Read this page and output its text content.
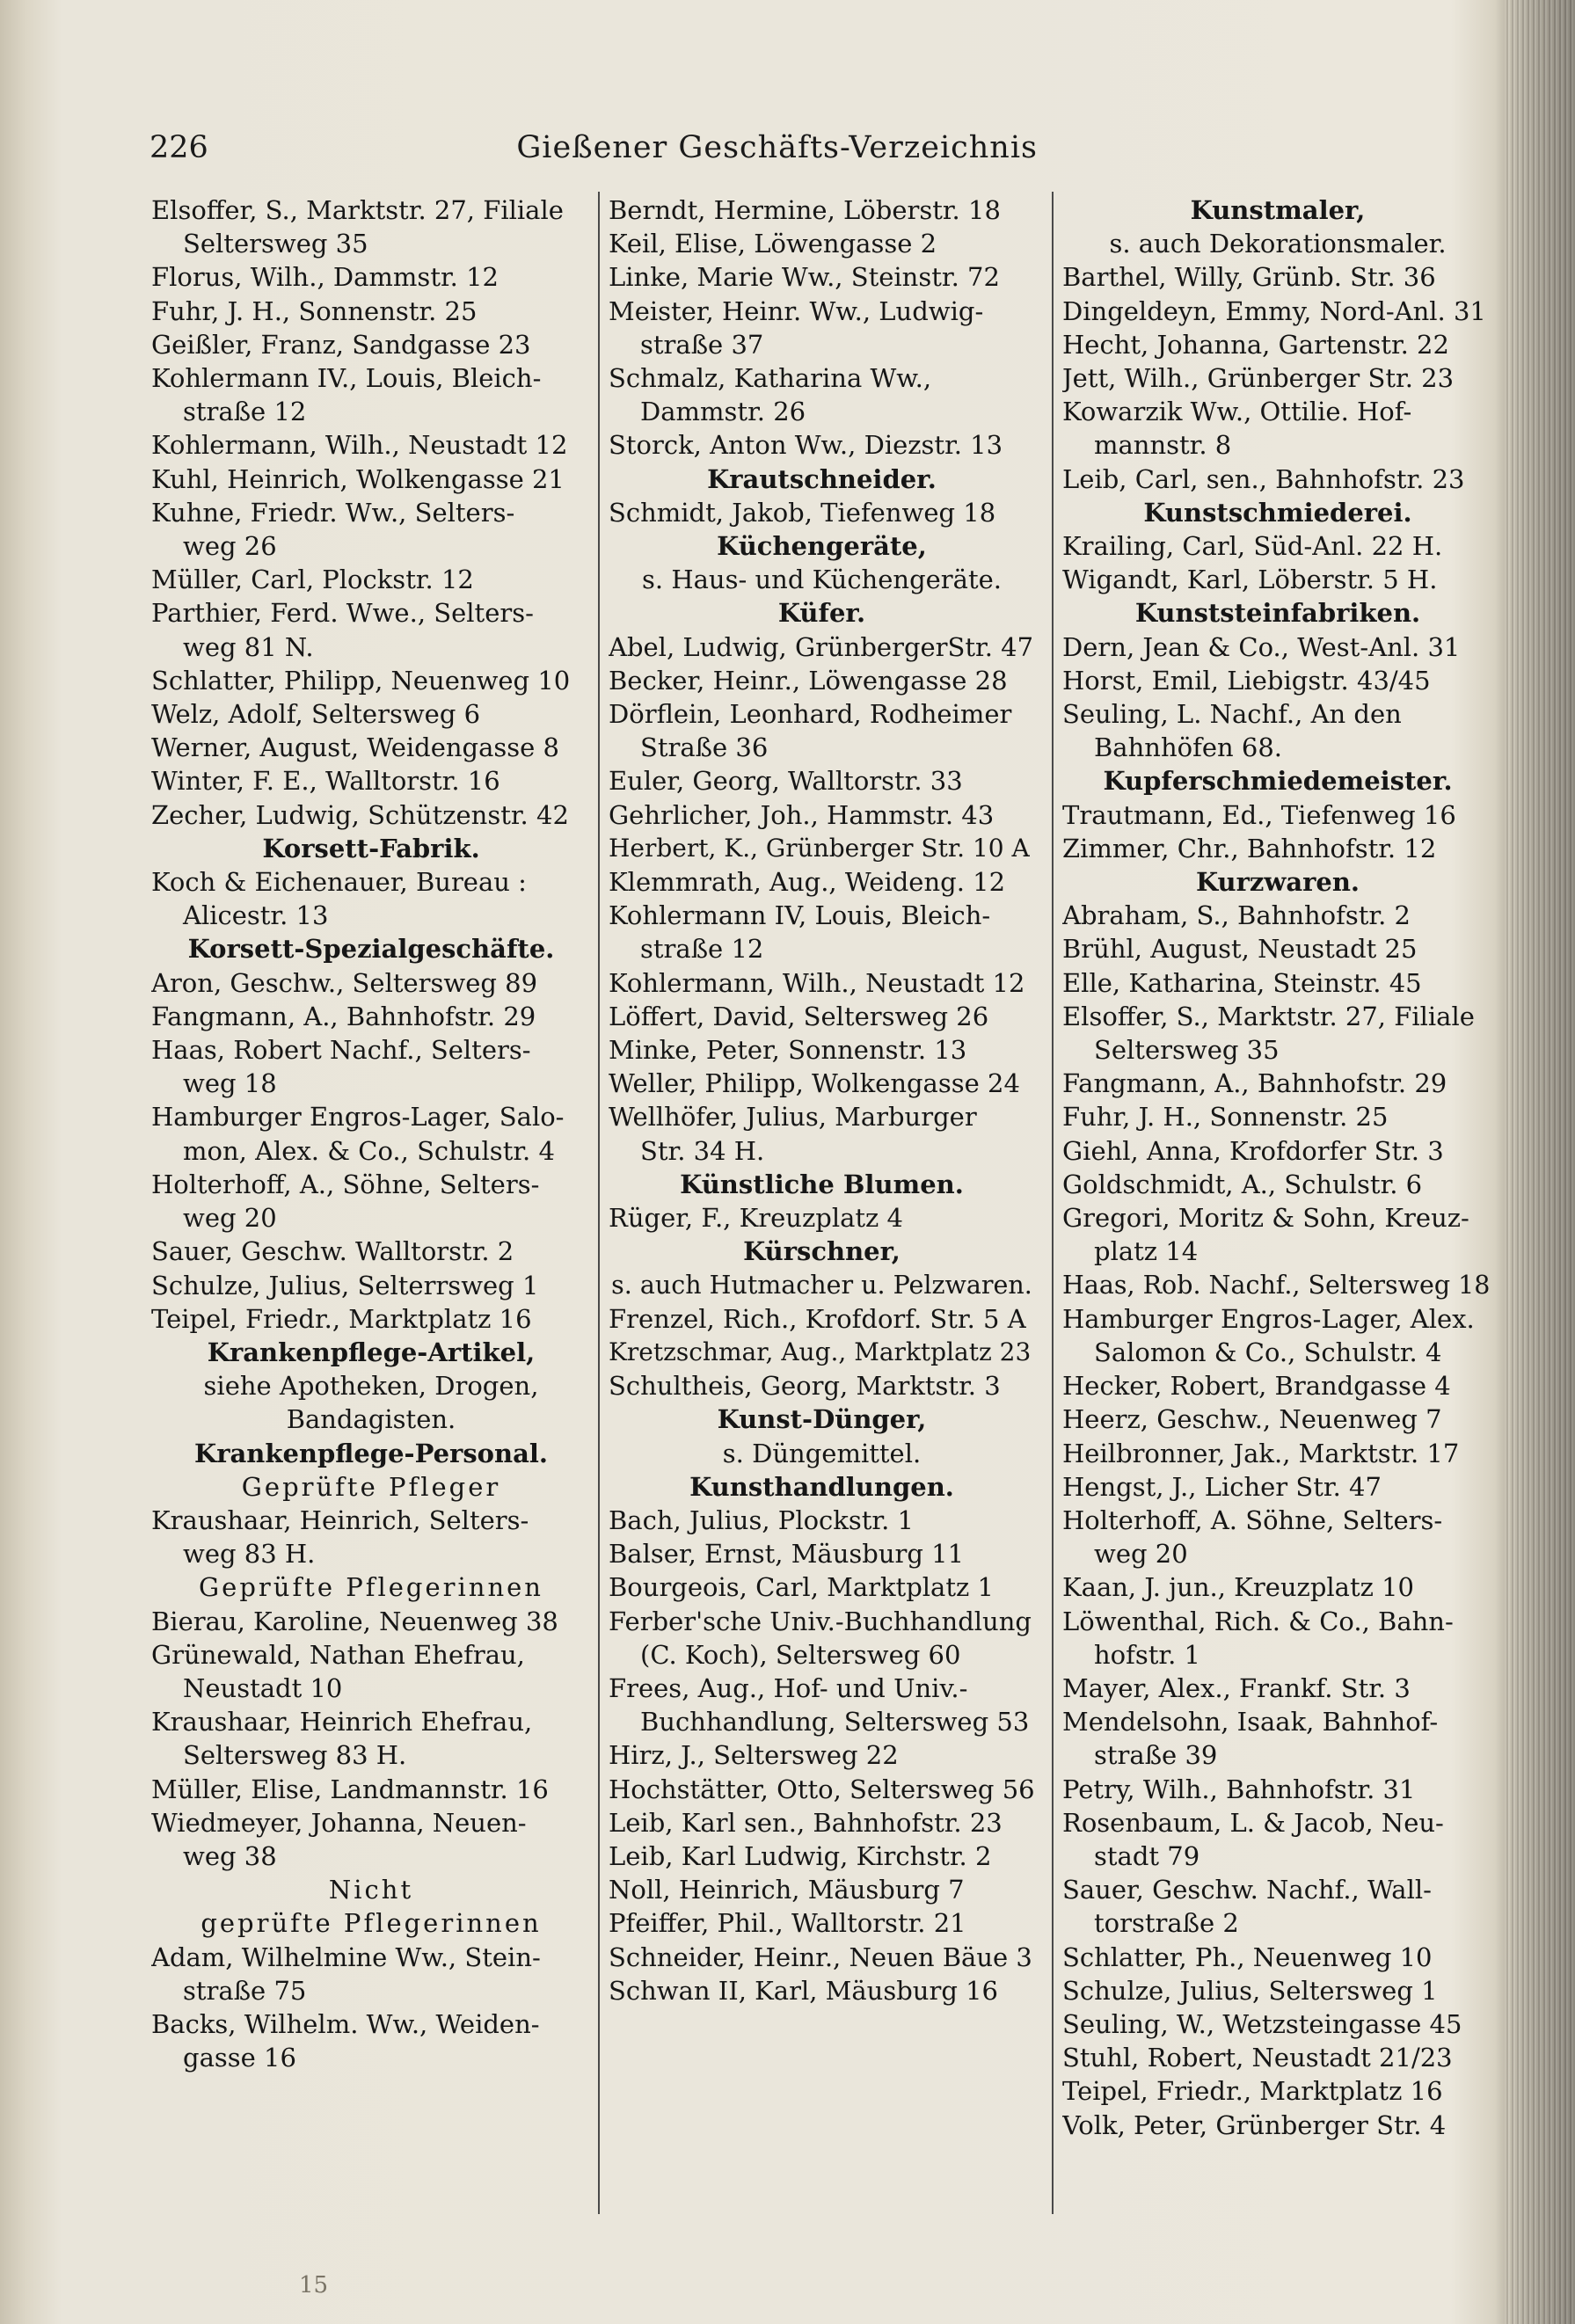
226	Gießener Geschäfts-Verzeichnis
Elsoffer, S., Marktstr. 27, Filiale
Seltersweg 35
Florus, Wilh., Dammstr. 12
Fuhr, J. H., Sonnenstr. 25
Geißler, Franz, Sandgasse 23
Kohlermann IV., Louis, Bleich-
straße 12
Kohlermann, Wilh., Neustadt 12
Kuhl, Heinrich, Wolkengasse 21
Kuhne, Friedr. Ww., Selters-
weg 26
Müller, Carl, Plockstr. 12
Parthier, Ferd. Wwe., Selters-
weg 81 N.
Schlatter, Philipp, Neuenweg 10
Welz, Adolf, Seltersweg 6
Werner, August, Weidengasse 8
Winter, F. E., Walltorstr. 16
Zecher, Ludwig, Schützenstr. 42
Korsett-Fabrik.
Koch & Eichenauer, Bureau :
Alicestr. 13
Korsett-Spezialgeschäfte.
Aron, Geschw., Seltersweg 89
Fangmann, A., Bahnhofstr. 29
Haas, Robert Nachf., Selters-
weg 18
Hamburger Engros-Lager, Salo-
mon, Alex. & Co., Schulstr. 4
Holterhoff, A., Söhne, Selters-
weg 20
Sauer, Geschw. Walltorstr. 2
Schulze, Julius, Selterrsweg 1
Teipel, Friedr., Marktplatz 16
Krankenpflege-Artikel,
siehe Apotheken, Drogen,
Bandagisten.
Krankenpflege-Personal.
Geprüfte Pfleger
Kraushaar, Heinrich, Selters-
weg 83 H.
Geprüfte Pflegerinnen
Bierau, Karoline, Neuenweg 38
Grünewald, Nathan Ehefrau,
Neustadt 10
Kraushaar, Heinrich Ehefrau,
Seltersweg 83 H.
Müller, Elise, Landmannstr. 16
Wiedmeyer, Johanna, Neuen-
weg 38
Nicht
geprüfte Pflegerinnen
Adam, Wilhelmine Ww., Stein-
straße 75
Backs, Wilhelm. Ww., Weiden-
gasse 16
Berndt, Hermine, Löberstr. 18
Keil, Elise, Löwengasse 2
Linke, Marie Ww., Steinstr. 72
Meister, Heinr. Ww., Ludwig-
straße 37
Schmalz, Katharina Ww.,
Dammstr. 26
Storck, Anton Ww., Diezstr. 13
Krautschneider.
Schmidt, Jakob, Tiefenweg 18
Küchengeräte,
s. Haus- und Küchengeräte.
Küfer.
Abel, Ludwig, GrünbergerStr. 47
Becker, Heinr., Löwengasse 28
Dörflein, Leonhard, Rodheimer
Straße 36
Euler, Georg, Walltorstr. 33
Gehrlicher, Joh., Hammstr. 43
Herbert, K., Grünberger Str. 10 A
Klemmrath, Aug., Weideng. 12
Kohlermann IV, Louis, Bleich-
straße 12
Kohlermann, Wilh., Neustadt 12
Löffert, David, Seltersweg 26
Minke, Peter, Sonnenstr. 13
Weller, Philipp, Wolkengasse 24
Wellhöfer, Julius, Marburger
Str. 34 H.
Künstliche Blumen.
Rüger, F., Kreuzplatz 4
Kürschner,
s. auch Hutmacher u. Pelzwaren.
Frenzel, Rich., Krofdorf. Str. 5 A
Kretzschmar, Aug., Marktplatz 23
Schultheis, Georg, Marktstr. 3
Kunst-Dünger,
s. Düngemittel.
Kunsthandlungen.
Bach, Julius, Plockstr. 1
Balser, Ernst, Mäusburg 11
Bourgeois, Carl, Marktplatz 1
Ferber'sche Univ.-Buchhandlung
(C. Koch), Seltersweg 60
Frees, Aug., Hof- und Univ.-
Buchhandlung, Seltersweg 53
Hirz, J., Seltersweg 22
Hochstätter, Otto, Seltersweg 56
Leib, Karl sen., Bahnhofstr. 23
Leib, Karl Ludwig, Kirchstr. 2
Noll, Heinrich, Mäusburg 7
Pfeiffer, Phil., Walltorstr. 21
Schneider, Heinr., Neuen Bäue 3
Schwan II, Karl, Mäusburg 16
Kunstmaler,
s. auch Dekorationsmaler.
Barthel, Willy, Grünb. Str. 36
Dingeldeyn, Emmy, Nord-Anl. 31
Hecht, Johanna, Gartenstr. 22
Jett, Wilh., Grünberger Str. 23
Kowarzik Ww., Ottilie. Hof-
mannstr. 8
Leib, Carl, sen., Bahnhofstr. 23
Kunstschmiederei.
Krailing, Carl, Süd-Anl. 22 H.
Wigandt, Karl, Löberstr. 5 H.
Kunststeinfabriken.
Dern, Jean & Co., West-Anl. 31
Horst, Emil, Liebigstr. 43/45
Seuling, L. Nachf., An den
Bahnhöfen 68.
Kupferschmiedemeister.
Trautmann, Ed., Tiefenweg 16
Zimmer, Chr., Bahnhofstr. 12
Kurzwaren.
Abraham, S., Bahnhofstr. 2
Brühl, August, Neustadt 25
Elle, Katharina, Steinstr. 45
Elsoffer, S., Marktstr. 27, Filiale
Seltersweg 35
Fangmann, A., Bahnhofstr. 29
Fuhr, J. H., Sonnenstr. 25
Giehl, Anna, Krofdorfer Str. 3
Goldschmidt, A., Schulstr. 6
Gregori, Moritz & Sohn, Kreuz-
platz 14
Haas, Rob. Nachf., Seltersweg 18
Hamburger Engros-Lager, Alex.
Salomon & Co., Schulstr. 4
Hecker, Robert, Brandgasse 4
Heerz, Geschw., Neuenweg 7
Heilbronner, Jak., Marktstr. 17
Hengst, J., Licher Str. 47
Holterhoff, A. Söhne, Selters-
weg 20
Kaan, J. jun., Kreuzplatz 10
Löwenthal, Rich. & Co., Bahn-
hofstr. 1
Mayer, Alex., Frankf. Str. 3
Mendelsohn, Isaak, Bahnhof-
straße 39
Petry, Wilh., Bahnhofstr. 31
Rosenbaum, L. & Jacob, Neu-
stadt 79
Sauer, Geschw. Nachf., Wall-
torstraße 2
Schlatter, Ph., Neuenweg 10
Schulze, Julius, Seltersweg 1
Seuling, W., Wetzsteingasse 45
Stuhl, Robert, Neustadt 21/23
Teipel, Friedr., Marktplatz 16
Volk, Peter, Grünberger Str. 4
15
